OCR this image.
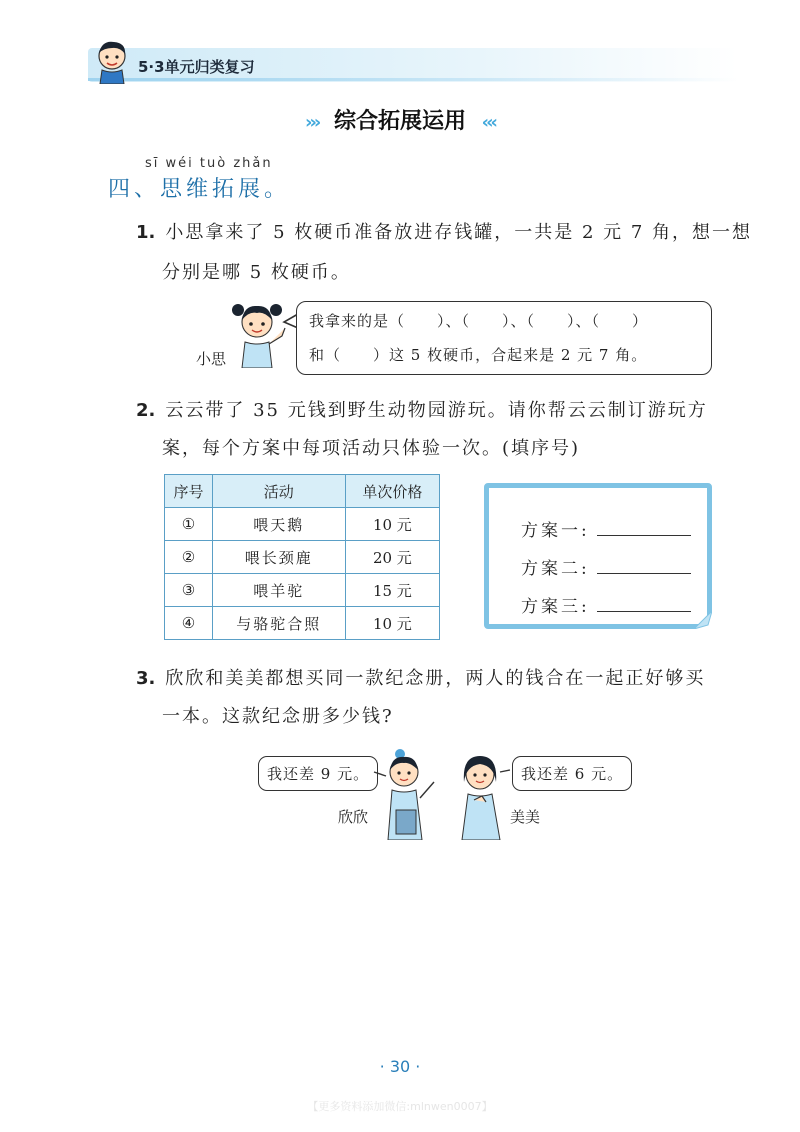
5·3单元归类复习
››› 综合拓展运用 ‹‹‹
sī wéi tuò zhǎn
四、思维拓展。
1. 小思拿来了 5 枚硬币准备放进存钱罐，一共是 2 元 7 角，想一想
分别是哪 5 枚硬币。
小思
我拿来的是（　　）、（　　）、（　　）、（　　）
和（　　）这 5 枚硬币，合起来是 2 元 7 角。
2. 云云带了 35 元钱到野生动物园游玩。请你帮云云制订游玩方
案，每个方案中每项活动只体验一次。(填序号)
序号	活动	单次价格
①	喂天鹅	10 元
②	喂长颈鹿	20 元
③	喂羊驼	15 元
④	与骆驼合照	10 元
方案一:
方案二:
方案三:
3. 欣欣和美美都想买同一款纪念册，两人的钱合在一起正好够买
一本。这款纪念册多少钱?
我还差 9 元。	我还差 6 元。
欣欣	美美
· 30 ·
【更多资料添加微信:mlnwen0007】
